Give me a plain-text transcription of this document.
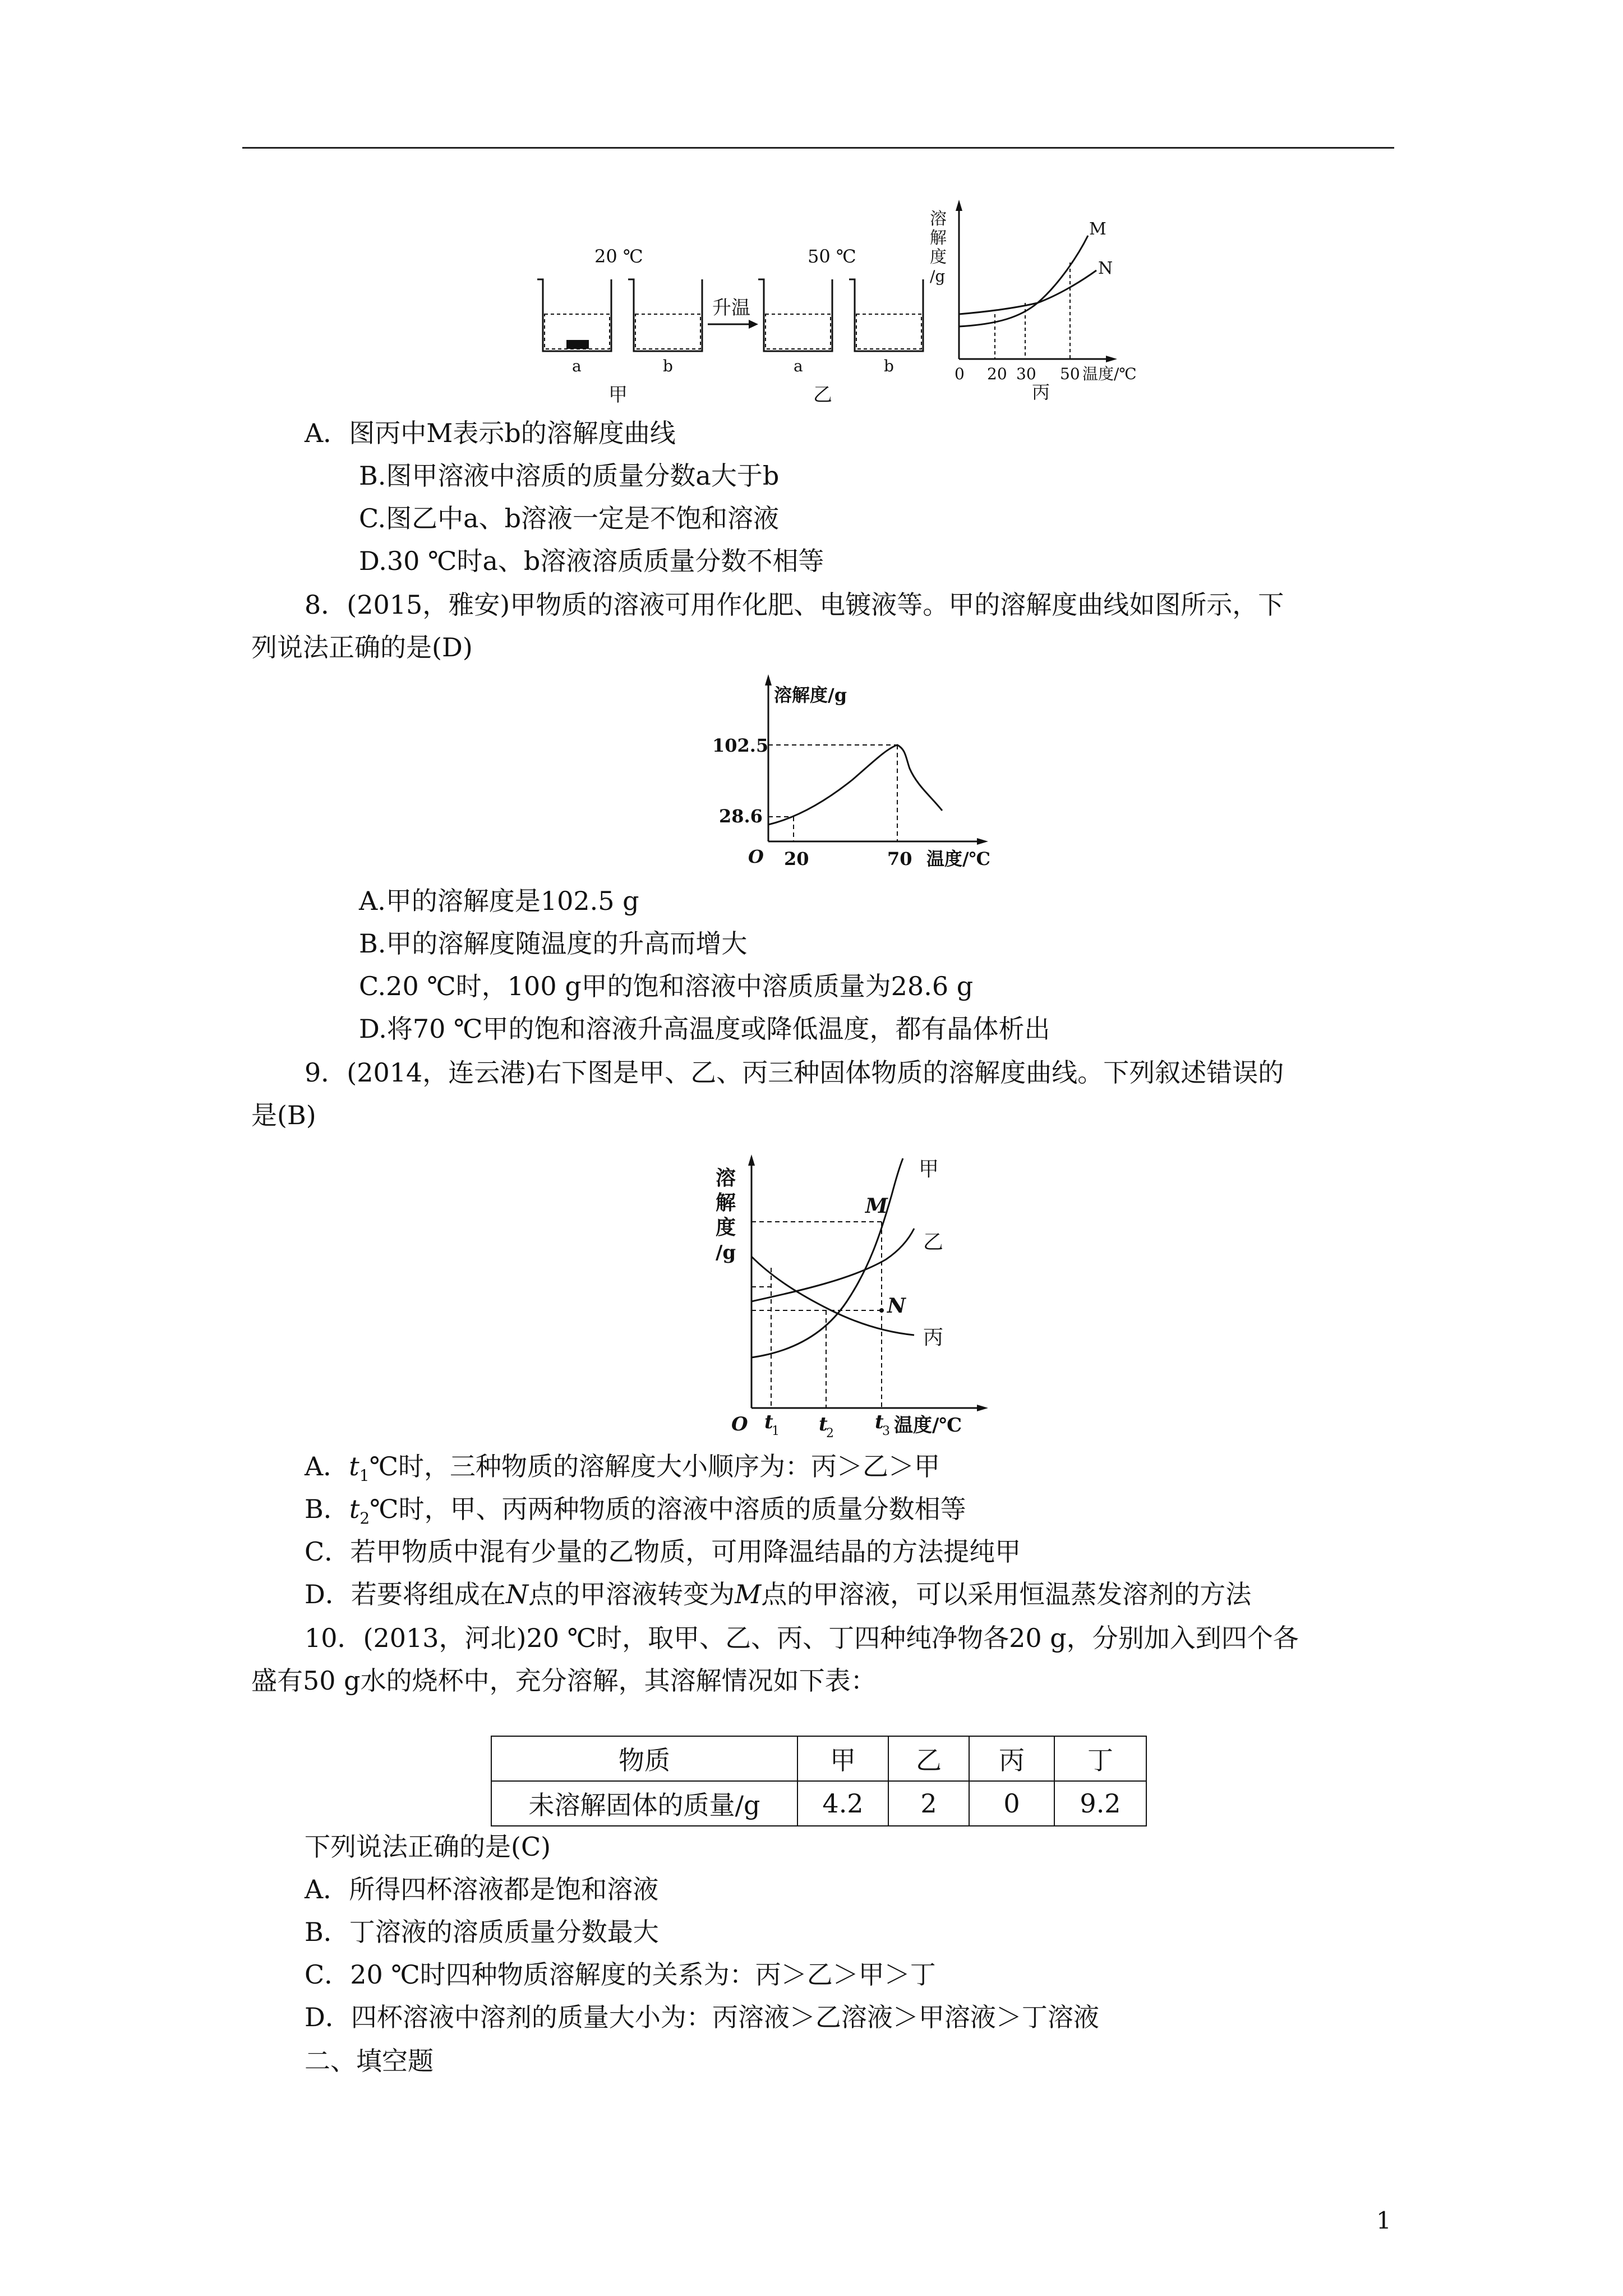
20 ℃	50 ℃
升温
a	b	a	b
甲	乙
溶
解
度
/g
M
N
0 20 30 50 温度/℃
丙
A．图丙中M表示b的溶解度曲线
B.图甲溶液中溶质的质量分数a大于b
C.图乙中a、b溶液一定是不饱和溶液
D.30 ℃时a、b溶液溶质质量分数不相等
8．(2015，雅安)甲物质的溶液可用作化肥、电镀液等。甲的溶解度曲线如图所示，下
列说法正确的是(D)
溶解度/g
102.5
28.6
O 20	70 温度/℃
A.甲的溶解度是102.5 g
B.甲的溶解度随温度的升高而增大
C.20 ℃时，100 g甲的饱和溶液中溶质质量为28.6 g
D.将70 ℃甲的饱和溶液升高温度或降低温度，都有晶体析出
9．(2014，连云港)右下图是甲、乙、丙三种固体物质的溶解度曲线。下列叙述错误的
是(B)
溶
解
度
/g
甲
乙
丙
M
N
O t
1 t
2
t
3 温度/℃
A．$t_1℃$时，三种物质的溶解度大小顺序为：丙＞乙＞甲
B．$t_2℃$时，甲、丙两种物质的溶液中溶质的质量分数相等
C．若甲物质中混有少量的乙物质，可用降温结晶的方法提纯甲
D．若要将组成在N点的甲溶液转变为M点的甲溶液，可以采用恒温蒸发溶剂的方法
10．(2013，河北)20 ℃时，取甲、乙、丙、丁四种纯净物各20 g，分别加入到四个各
盛有50 g水的烧杯中，充分溶解，其溶解情况如下表：
物质	甲	乙	丙	丁
未溶解固体的质量/g	4.2	2	0	9.2
下列说法正确的是(C)
A．所得四杯溶液都是饱和溶液
B．丁溶液的溶质质量分数最大
C．20 ℃时四种物质溶解度的关系为：丙＞乙＞甲＞丁
D．四杯溶液中溶剂的质量大小为：丙溶液＞乙溶液＞甲溶液＞丁溶液
二、填空题
1
